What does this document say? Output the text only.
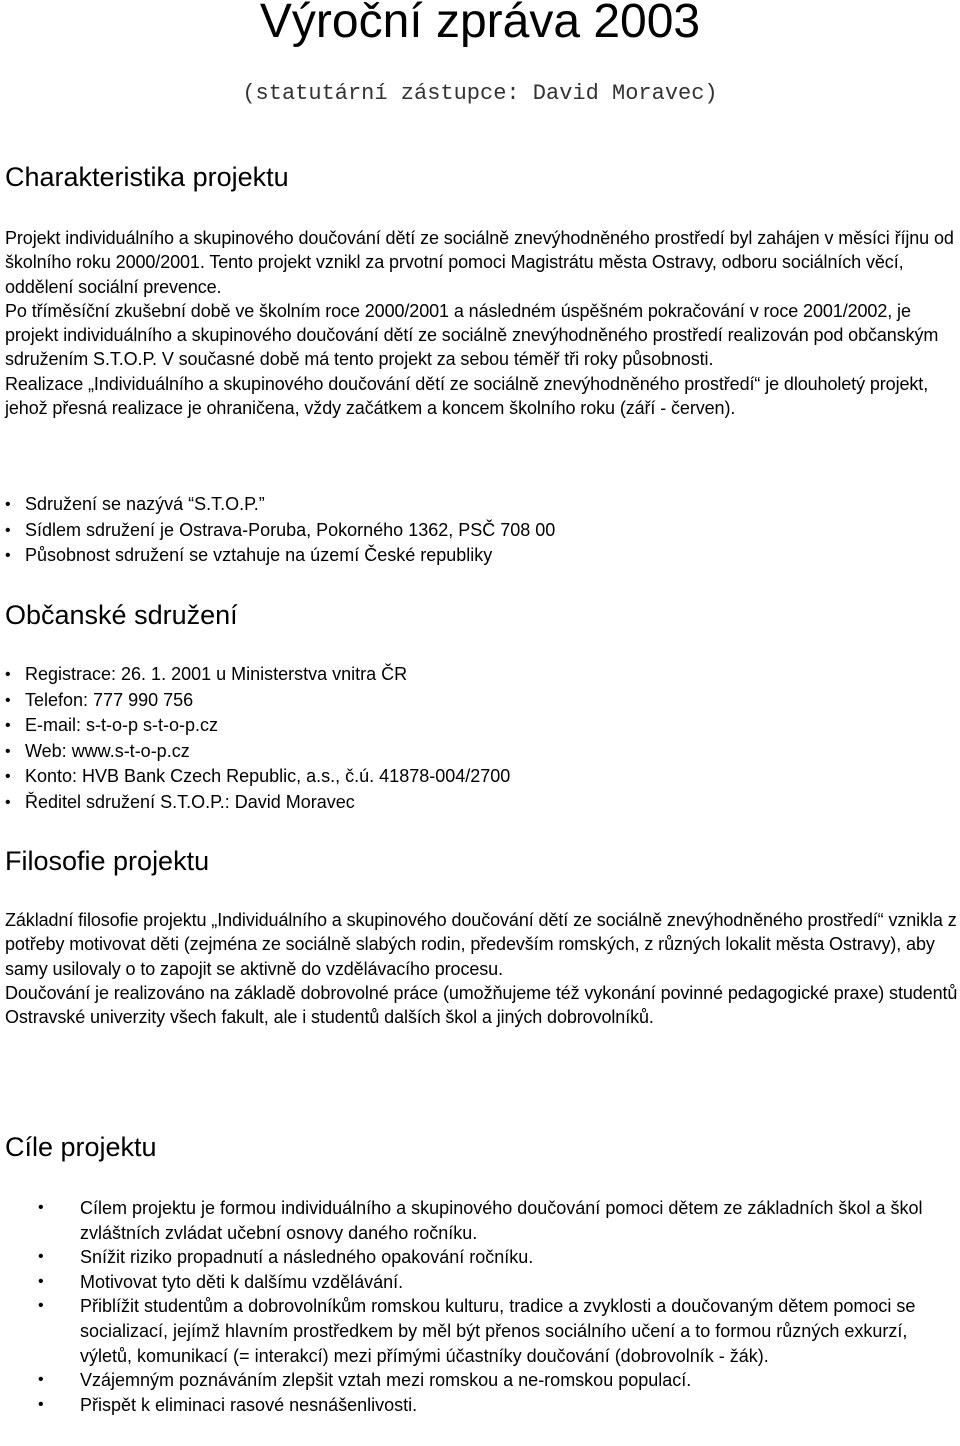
Výroční zpráva 2003
(statutární zástupce: David Moravec)
Charakteristika projektu

Projekt individuálního a skupinového doučování dětí ze sociálně znevýhodněného prostředí byl zahájen v měsíci říjnu od školního roku 2000/2001. Tento projekt vznikl za prvotní pomoci Magistrátu města Ostravy, odboru sociálních věcí, oddělení sociální prevence.

Po tříměsíční zkušební době ve školním roce 2000/2001 a následném úspěšném pokračování v roce 2001/2002, je projekt individuálního a skupinového doučování dětí ze sociálně znevýhodněného prostředí realizován pod občanským sdružením S.T.O.P. V současné době má tento projekt za sebou téměř tři roky působnosti.

Realizace „Individuálního a skupinového doučování dětí ze sociálně znevýhodněného prostředí“ je dlouholetý projekt, jehož přesná realizace je ohraničena, vždy začátkem a koncem školního roku (září - červen).

• Sdružení se nazývá “S.T.O.P.”
• Sídlem sdružení je Ostrava-Poruba, Pokorného 1362, PSČ 708 00
• Působnost sdružení se vztahuje na území České republiky
Občanské sdružení
• Registrace: 26. 1. 2001 u Ministerstva vnitra ČR
• Telefon: 777 990 756
• E-mail: s-t-o-p s-t-o-p.cz
• Web: www.s-t-o-p.cz
• Konto: HVB Bank Czech Republic, a.s., č.ú. 41878-004/2700
• Ředitel sdružení S.T.O.P.: David Moravec
Filosofie projektu

Základní filosofie projektu „Individuálního a skupinového doučování dětí ze sociálně znevýhodněného prostředí“ vznikla z potřeby motivovat děti (zejména ze sociálně slabých rodin, především romských, z různých lokalit města Ostravy), aby samy usilovaly o to zapojit se aktivně do vzdělávacího procesu.

Doučování je realizováno na základě dobrovolné práce (umožňujeme též vykonání povinné pedagogické praxe) studentů Ostravské univerzity všech fakult, ale i studentů dalších škol a jiných dobrovolníků.

Cíle projektu
• Cílem projektu je formou individuálního a skupinového doučování pomoci dětem ze základních škol a škol zvláštních zvládat učební osnovy daného ročníku.
• Snížit riziko propadnutí a následného opakování ročníku.
• Motivovat tyto děti k dalšímu vzdělávání.
• Přiblížit studentům a dobrovolníkům romskou kulturu, tradice a zvyklosti a doučovaným dětem pomoci se socializací, jejímž hlavním prostředkem by měl být přenos sociálního učení a to formou různých exkurzí, výletů, komunikací (= interakcí) mezi přímými účastníky doučování (dobrovolník - žák).
• Vzájemným poznáváním zlepšit vztah mezi romskou a ne-romskou populací.
• Přispět k eliminaci rasové nesnášenlivosti.
